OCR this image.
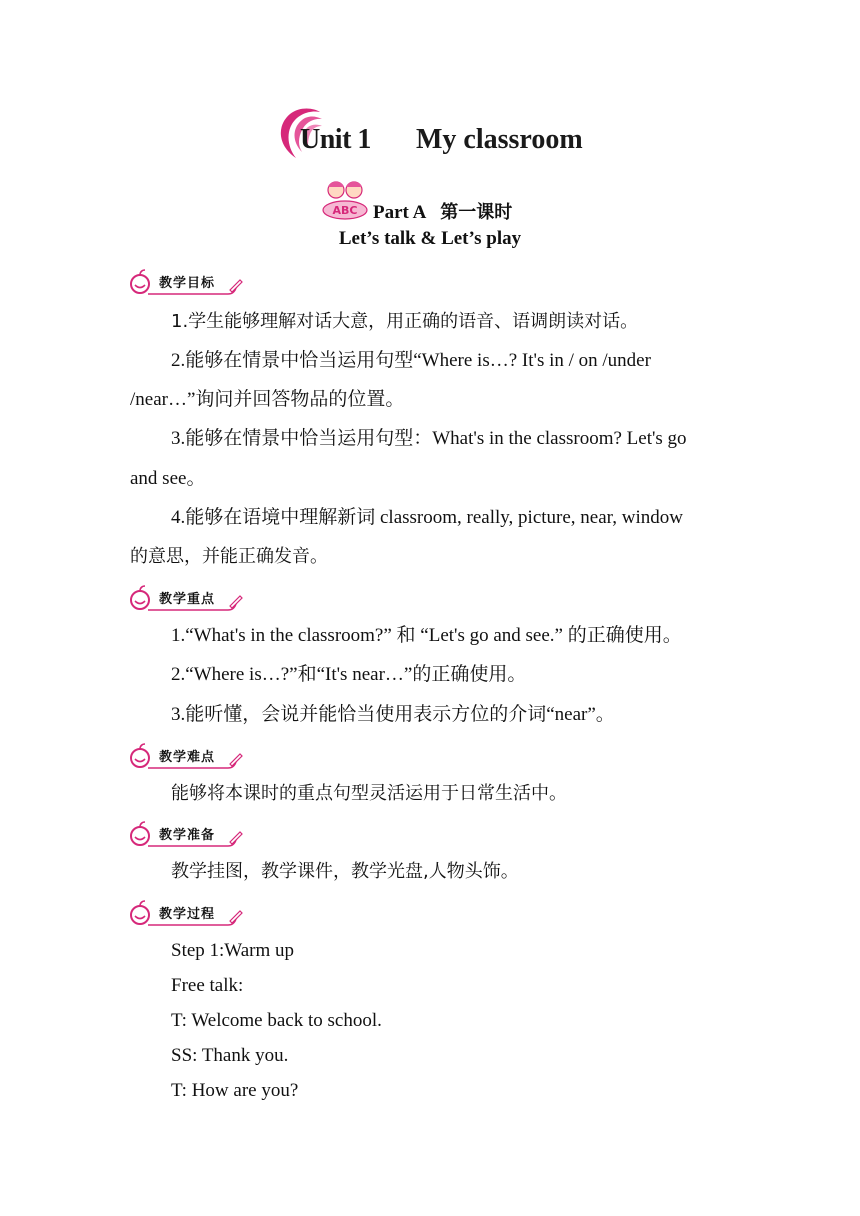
Unit 1 My classroom
ABC Part A 第一课时
Let’s talk & Let’s play
教学目标
1.学生能够理解对话大意，用正确的语音、语调朗读对话。
2.能够在情景中恰当运用句型“Where is…? It's in / on /under
/near…”询问并回答物品的位置。
3.能够在情景中恰当运用句型：What's in the classroom? Let's go
and see。
4.能够在语境中理解新词 classroom, really, picture, near, window
的意思，并能正确发音。
教学重点
1.“What's in the classroom?” 和 “Let's go and see.” 的正确使用。
2.“Where is…?”和“It's near…”的正确使用。
3.能听懂，会说并能恰当使用表示方位的介词“near”。
教学难点
能够将本课时的重点句型灵活运用于日常生活中。
教学准备
教学挂图，教学课件，教学光盘,人物头饰。
教学过程
Step 1:Warm up
Free talk:
T: Welcome back to school.
SS: Thank you.
T: How are you?
